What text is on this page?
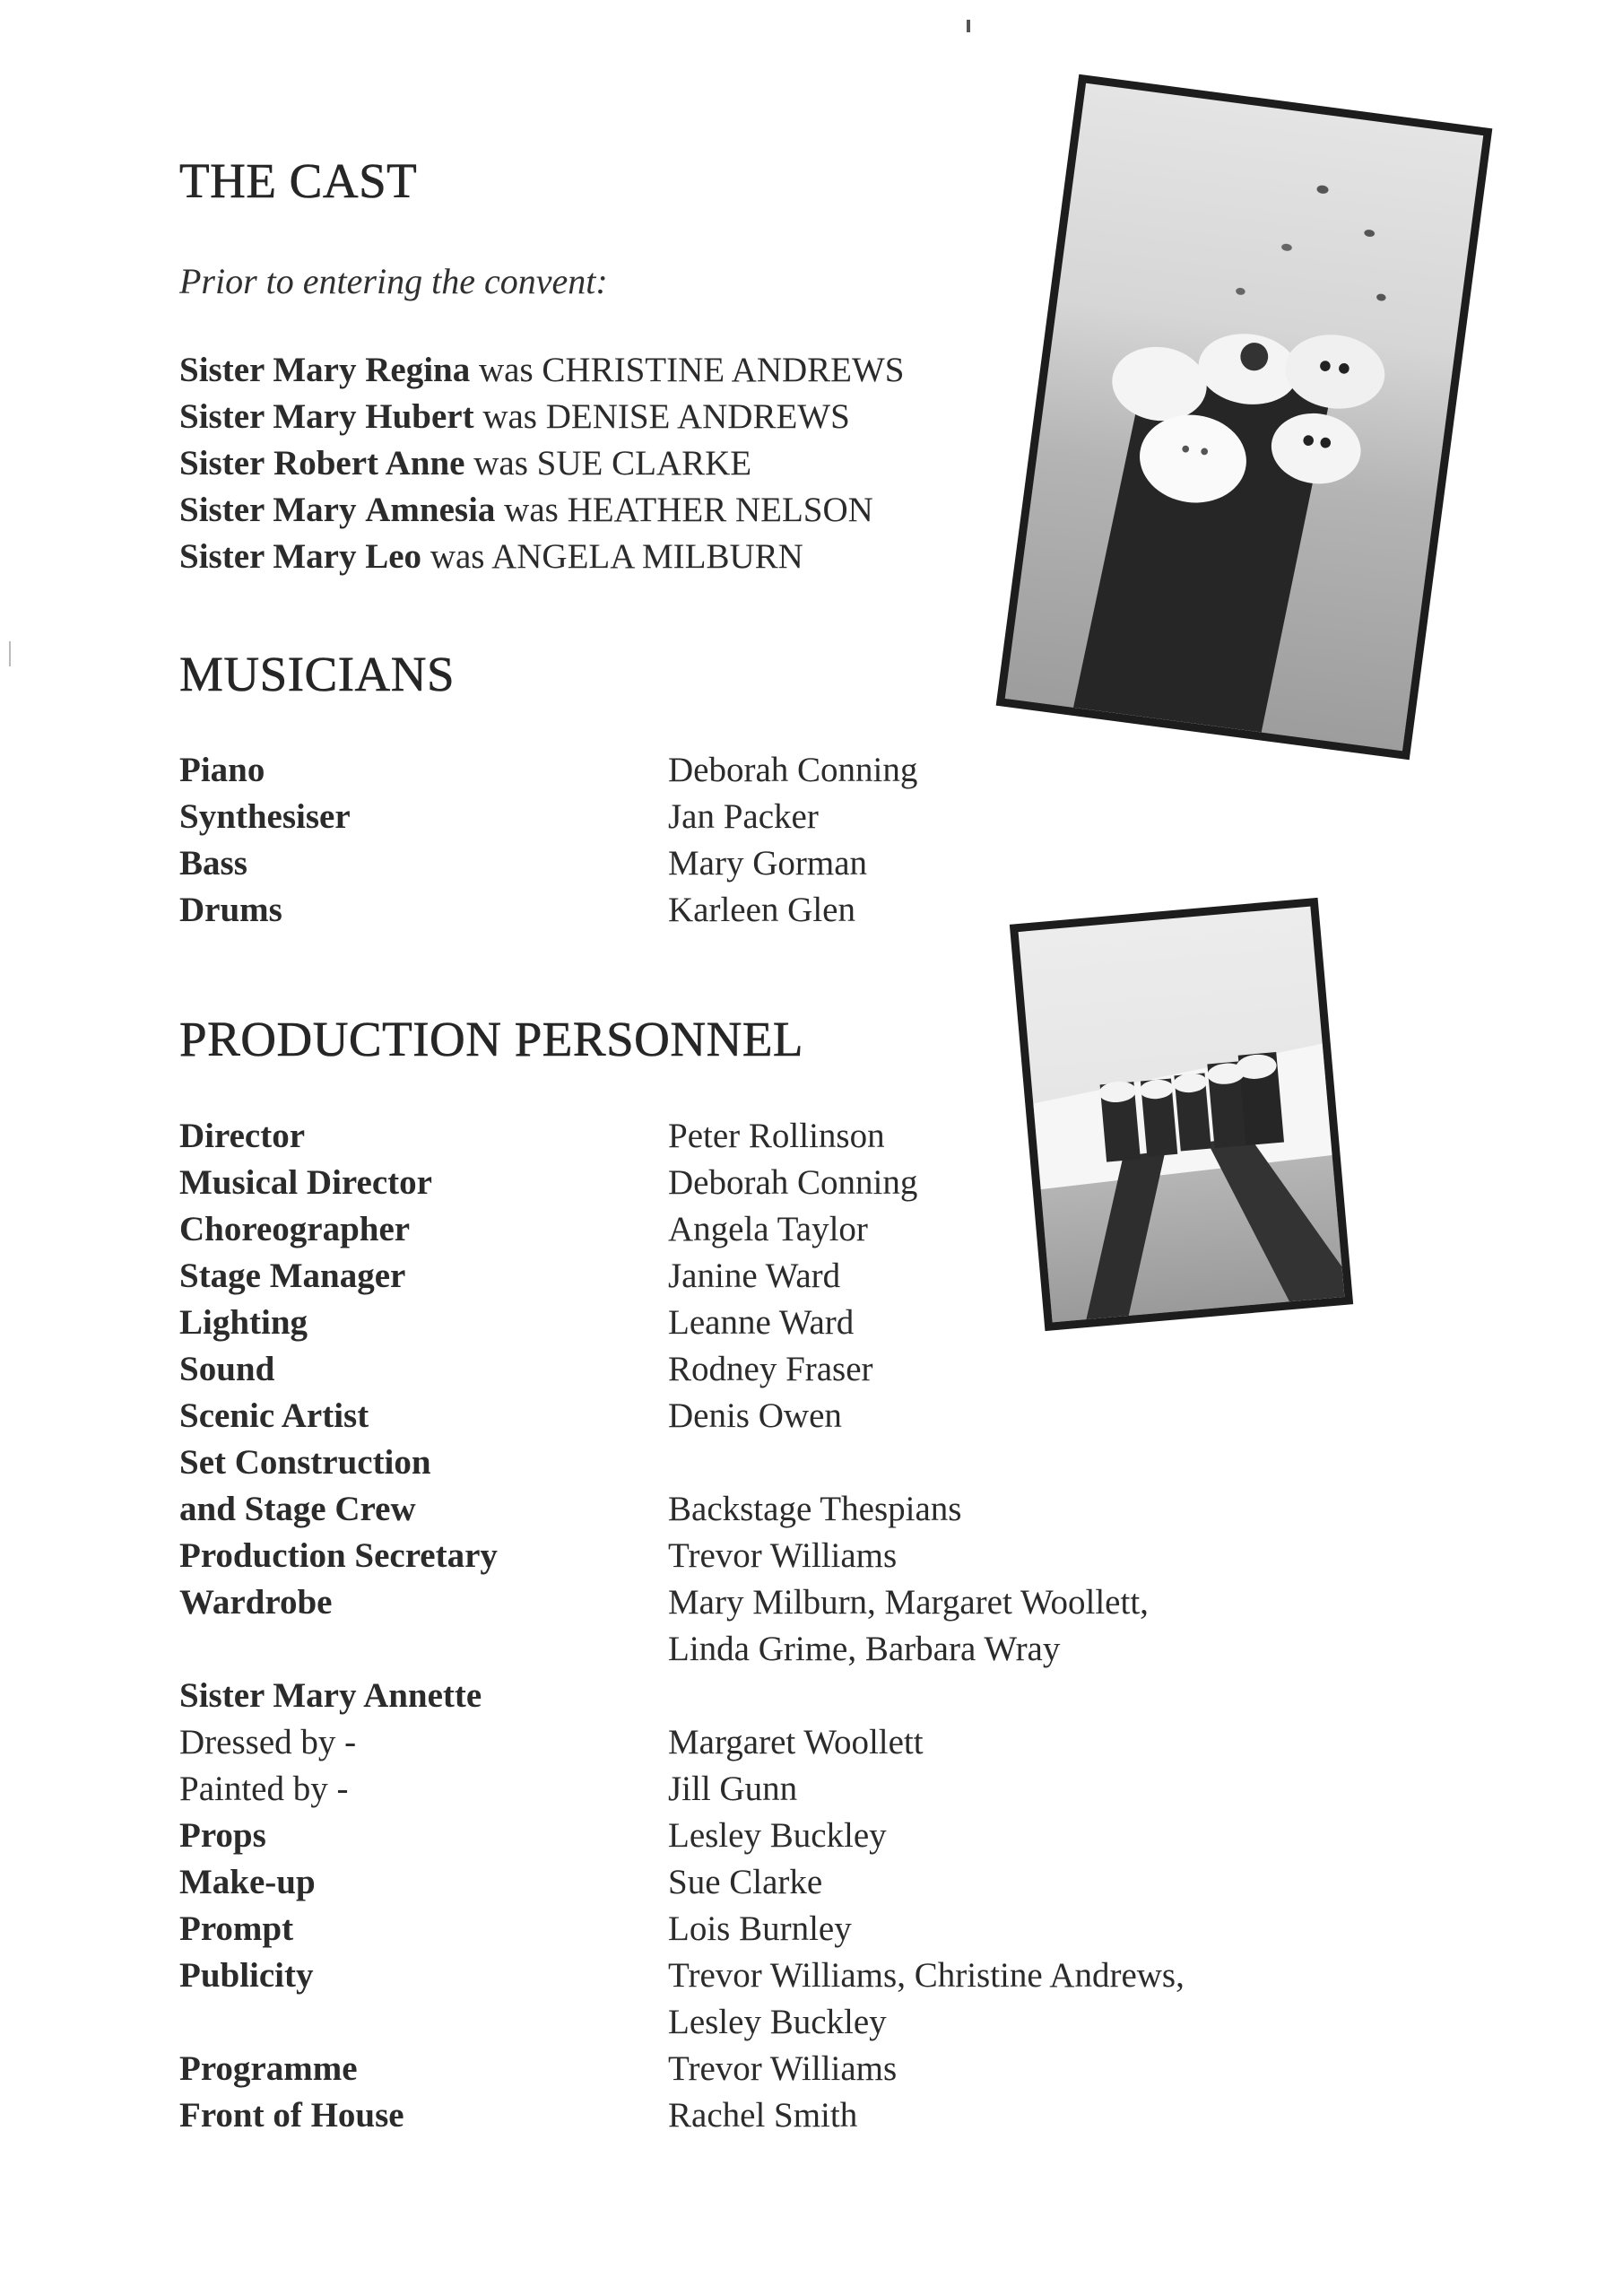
THE CAST
Prior to entering the convent:
Sister Mary Regina was CHRISTINE ANDREWS
Sister Mary Hubert was DENISE ANDREWS
Sister Robert Anne was SUE CLARKE
Sister Mary Amnesia was HEATHER NELSON
Sister Mary Leo was ANGELA MILBURN
MUSICIANS
Piano	Deborah Conning
Synthesiser	Jan Packer
Bass	Mary Gorman
Drums	Karleen Glen
PRODUCTION PERSONNEL
Director	Peter Rollinson
Musical Director	Deborah Conning
Choreographer	Angela Taylor
Stage Manager	Janine Ward
Lighting	Leanne Ward
Sound	Rodney Fraser
Scenic Artist	Denis Owen
Set Construction
and Stage Crew	Backstage Thespians
Production Secretary	Trevor Williams
Wardrobe	Mary Milburn, Margaret Woollett,
Linda Grime, Barbara Wray
Sister Mary Annette
Dressed by -	Margaret Woollett
Painted by -	Jill Gunn
Props	Lesley Buckley
Make-up	Sue Clarke
Prompt	Lois Burnley
Publicity	Trevor Williams, Christine Andrews,
Lesley Buckley
Programme	Trevor Williams
Front of House	Rachel Smith
